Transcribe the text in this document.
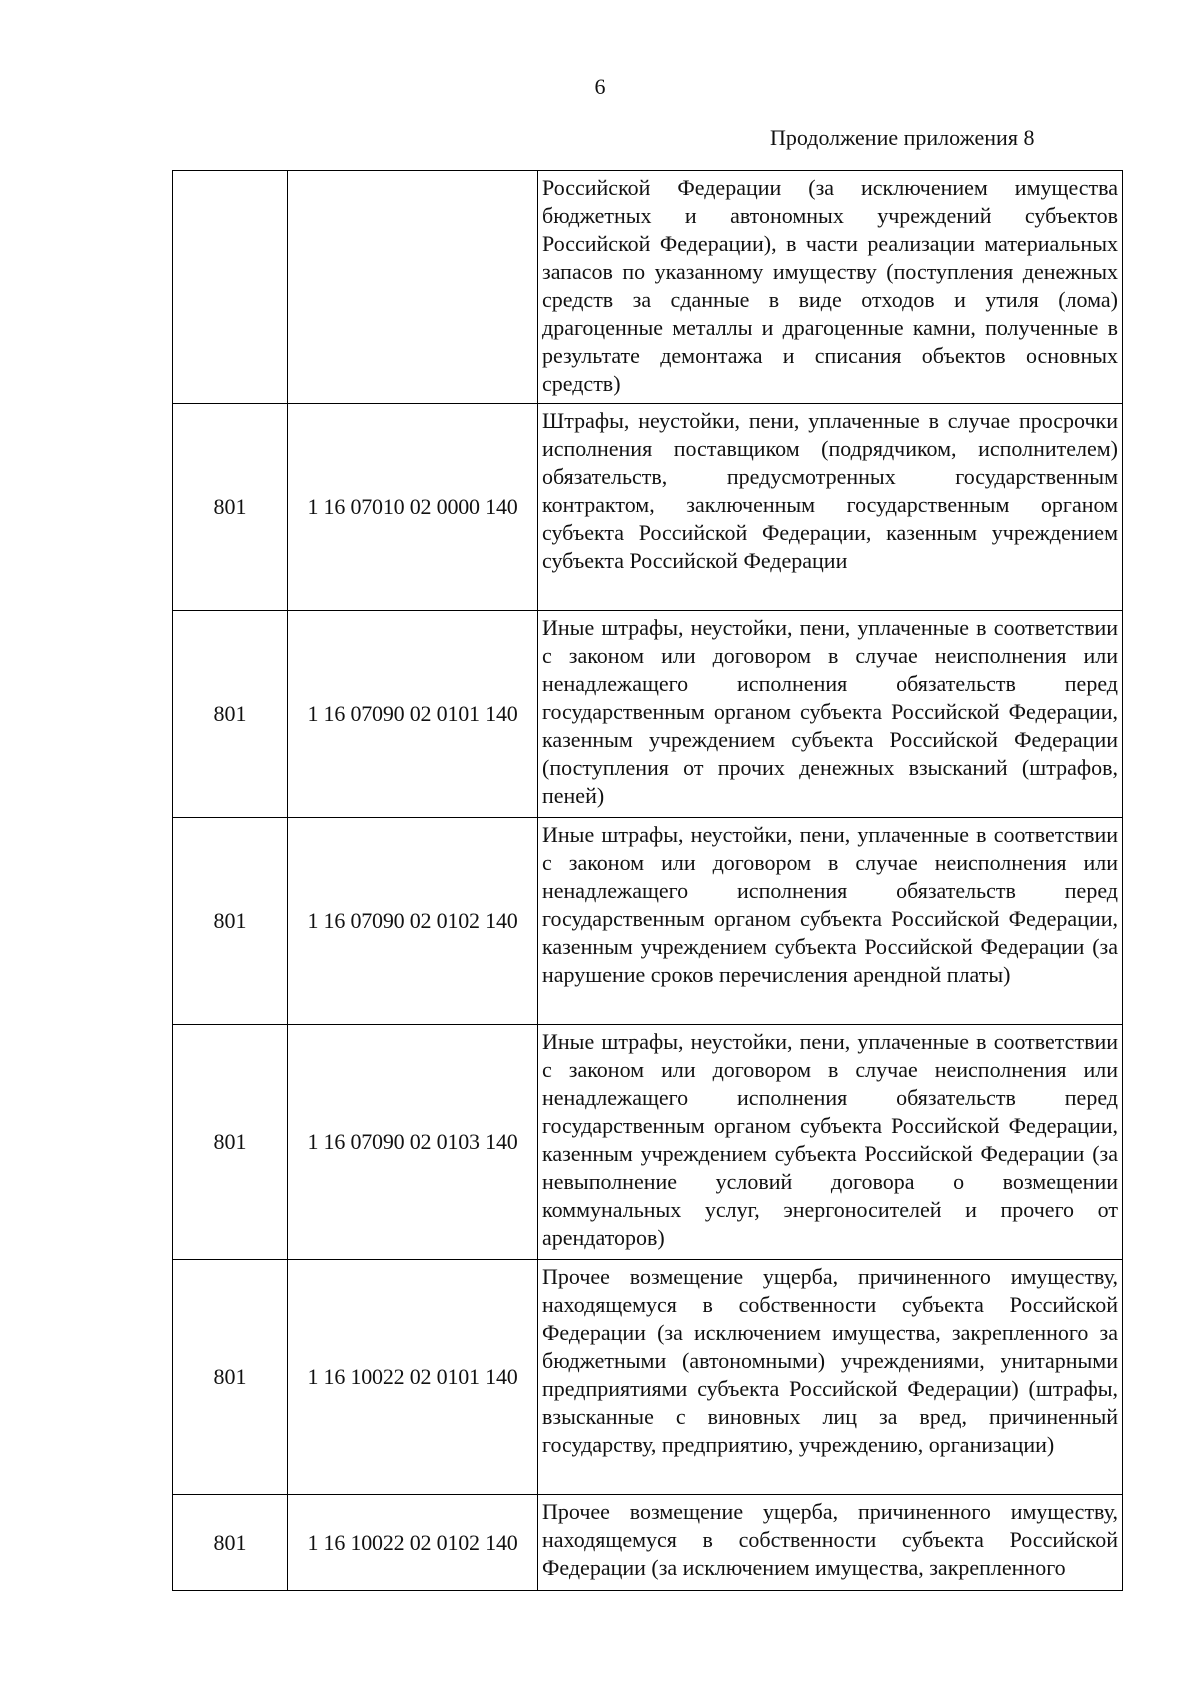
6
Продолжение приложения 8
		Российской Федерации (за исключением имущества бюджетных и автономных учреждений субъектов Российской Федерации), в части реализации материальных запасов по указанному имуществу (поступления денежных средств за сданные в виде отходов и утиля (лома) драгоценные металлы и драгоценные камни, полученные в результате демонтажа и списания объектов основных средств)
801	1 16 07010 02 0000 140	Штрафы, неустойки, пени, уплаченные в случае просрочки исполнения поставщиком (подрядчиком, исполнителем) обязательств, предусмотренных государственным контрактом, заключенным государственным органом субъекта Российской Федерации, казенным учреждением субъекта Российской Федерации
801	1 16 07090 02 0101 140	Иные штрафы, неустойки, пени, уплаченные в соответствии с законом или договором в случае неисполнения или ненадлежащего исполнения обязательств перед государственным органом субъекта Российской Федерации, казенным учреждением субъекта Российской Федерации (поступления от прочих денежных взысканий (штрафов, пеней)
801	1 16 07090 02 0102 140	Иные штрафы, неустойки, пени, уплаченные в соответствии с законом или договором в случае неисполнения или ненадлежащего исполнения обязательств перед государственным органом субъекта Российской Федерации, казенным учреждением субъекта Российской Федерации (за нарушение сроков перечисления арендной платы)
801	1 16 07090 02 0103 140	Иные штрафы, неустойки, пени, уплаченные в соответствии с законом или договором в случае неисполнения или ненадлежащего исполнения обязательств перед государственным органом субъекта Российской Федерации, казенным учреждением субъекта Российской Федерации (за невыполнение условий договора о возмещении коммунальных услуг, энергоносителей и прочего от арендаторов)
801	1 16 10022 02 0101 140	Прочее возмещение ущерба, причиненного имуществу, находящемуся в собственности субъекта Российской Федерации (за исключением имущества, закрепленного за бюджетными (автономными) учреждениями, унитарными предприятиями субъекта Российской Федерации) (штрафы, взысканные с виновных лиц за вред, причиненный государству, предприятию, учреждению, организации)
801	1 16 10022 02 0102 140	Прочее возмещение ущерба, причиненного имуществу, находящемуся в собственности субъекта Российской Федерации (за исключением имущества, закрепленного
